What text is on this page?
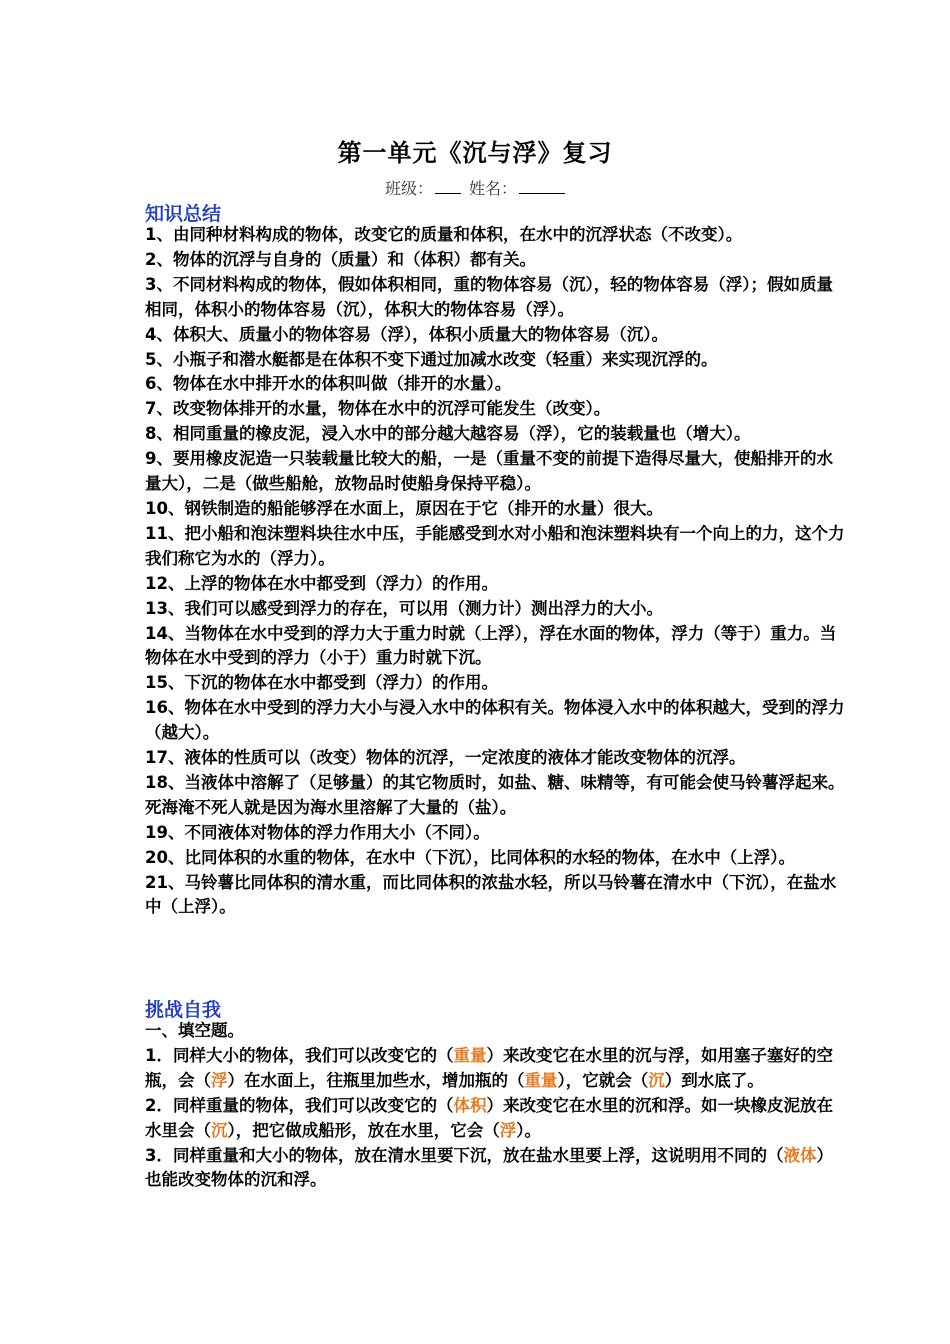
第一单元《沉与浮》复习
班级： 姓名：
知识总结

1、由同种材料构成的物体，改变它的质量和体积，在水中的沉浮状态（不改变）。

2、物体的沉浮与自身的（质量）和（体积）都有关。

3、不同材料构成的物体，假如体积相同，重的物体容易（沉），轻的物体容易（浮）；假如质量相同，体积小的物体容易（沉），体积大的物体容易（浮）。

4、体积大、质量小的物体容易（浮），体积小质量大的物体容易（沉）。

5、小瓶子和潜水艇都是在体积不变下通过加减水改变（轻重）来实现沉浮的。

6、物体在水中排开水的体积叫做（排开的水量）。

7、改变物体排开的水量，物体在水中的沉浮可能发生（改变）。

8、相同重量的橡皮泥，浸入水中的部分越大越容易（浮），它的装载量也（增大）。

9、要用橡皮泥造一只装载量比较大的船，一是（重量不变的前提下造得尽量大，使船排开的水量大），二是（做些船舱，放物品时使船身保持平稳）。

10、钢铁制造的船能够浮在水面上，原因在于它（排开的水量）很大。

11、把小船和泡沫塑料块往水中压，手能感受到水对小船和泡沫塑料块有一个向上的力，这个力我们称它为水的（浮力）。

12、上浮的物体在水中都受到（浮力）的作用。

13、我们可以感受到浮力的存在，可以用（测力计）测出浮力的大小。

14、当物体在水中受到的浮力大于重力时就（上浮），浮在水面的物体，浮力（等于）重力。当物体在水中受到的浮力（小于）重力时就下沉。

15、下沉的物体在水中都受到（浮力）的作用。

16、物体在水中受到的浮力大小与浸入水中的体积有关。物体浸入水中的体积越大，受到的浮力（越大）。

17、液体的性质可以（改变）物体的沉浮，一定浓度的液体才能改变物体的沉浮。

18、当液体中溶解了（足够量）的其它物质时，如盐、糖、味精等，有可能会使马铃薯浮起来。死海淹不死人就是因为海水里溶解了大量的（盐）。

19、不同液体对物体的浮力作用大小（不同）。

20、比同体积的水重的物体，在水中（下沉），比同体积的水轻的物体，在水中（上浮）。

21、马铃薯比同体积的清水重，而比同体积的浓盐水轻，所以马铃薯在清水中（下沉），在盐水中（上浮）。

挑战自我

一、填空题。

1．同样大小的物体，我们可以改变它的（重量）来改变它在水里的沉与浮，如用塞子塞好的空瓶，会（浮）在水面上，往瓶里加些水，增加瓶的（重量），它就会（沉）到水底了。

2．同样重量的物体，我们可以改变它的（体积）来改变它在水里的沉和浮。如一块橡皮泥放在水里会（沉），把它做成船形，放在水里，它会（浮）。

3．同样重量和大小的物体，放在清水里要下沉，放在盐水里要上浮，这说明用不同的（液体）也能改变物体的沉和浮。
